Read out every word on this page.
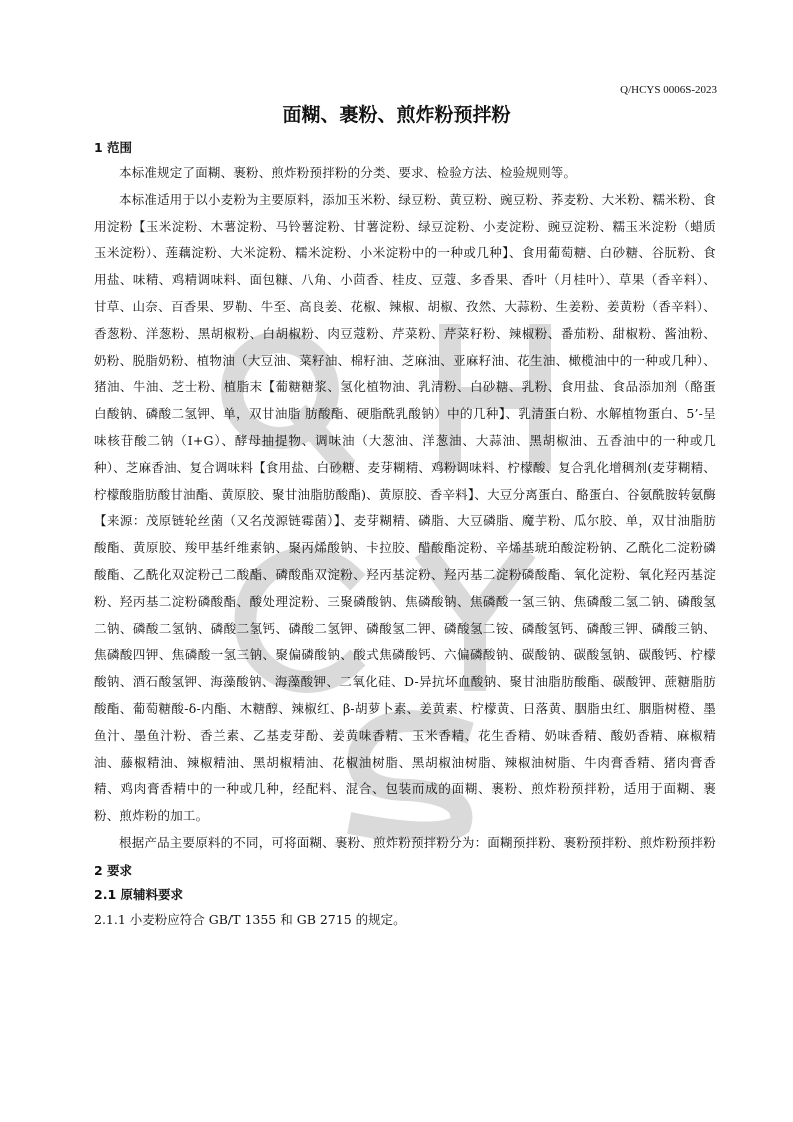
Q/HCYS 0006S-2023
面糊、裹粉、煎炸粉预拌粉
1 范围

本标准规定了面糊、裹粉、煎炸粉预拌粉的分类、要求、检验方法、检验规则等。

本标准适用于以小麦粉为主要原料，添加玉米粉、绿豆粉、黄豆粉、豌豆粉、荞麦粉、大米粉、糯米粉、食用淀粉【玉米淀粉、木薯淀粉、马铃薯淀粉、甘薯淀粉、绿豆淀粉、小麦淀粉、豌豆淀粉、糯玉米淀粉（蜡质玉米淀粉）、莲藕淀粉、大米淀粉、糯米淀粉、小米淀粉中的一种或几种】、食用葡萄糖、白砂糖、谷朊粉、食用盐、味精、鸡精调味料、面包糠、八角、小茴香、桂皮、豆蔻、多香果、香叶（月桂叶）、草果（香辛料）、甘草、山奈、百香果、罗勒、牛至、高良姜、花椒、辣椒、胡椒、孜然、大蒜粉、生姜粉、姜黄粉（香辛料）、香葱粉、洋葱粉、黑胡椒粉、白胡椒粉、肉豆蔻粉、芹菜粉、芹菜籽粉、辣椒粉、番茄粉、甜椒粉、酱油粉、奶粉、脱脂奶粉、植物油（大豆油、菜籽油、棉籽油、芝麻油、亚麻籽油、花生油、橄榄油中的一种或几种）、猪油、牛油、芝士粉、植脂末【葡糖糖浆、氢化植物油、乳清粉、白砂糖、乳粉、食用盐、食品添加剂（酪蛋白酸钠、磷酸二氢钾、单，双甘油脂 肪酸酯、硬脂酰乳酸钠）中的几种】、乳清蛋白粉、水解植物蛋白、5’-呈味核苷酸二钠（I+G）、酵母抽提物、调味油（大葱油、洋葱油、大蒜油、黑胡椒油、五香油中的一种或几种）、芝麻香油、复合调味料【食用盐、白砂糖、麦芽糊精、鸡粉调味料、柠檬酸、复合乳化增稠剂(麦芽糊精、柠檬酸脂肪酸甘油酯、黄原胶、聚甘油脂肪酸酯)、黄原胶、香辛料】、大豆分离蛋白、酪蛋白、谷氨酰胺转氨酶【来源：茂原链轮丝菌（又名茂源链霉菌）】、麦芽糊精、磷脂、大豆磷脂、魔芋粉、瓜尔胶、单，双甘油脂肪酸酯、黄原胶、羧甲基纤维素钠、聚丙烯酸钠、卡拉胶、醋酸酯淀粉、辛烯基琥珀酸淀粉钠、乙酰化二淀粉磷酸酯、乙酰化双淀粉己二酸酯、磷酸酯双淀粉、羟丙基淀粉、羟丙基二淀粉磷酸酯、氧化淀粉、氧化羟丙基淀粉、羟丙基二淀粉磷酸酯、酸处理淀粉、三聚磷酸钠、焦磷酸钠、焦磷酸一氢三钠、焦磷酸二氢二钠、磷酸氢二钠、磷酸二氢钠、磷酸二氢钙、磷酸二氢钾、磷酸氢二钾、磷酸氢二铵、磷酸氢钙、磷酸三钾、磷酸三钠、焦磷酸四钾、焦磷酸一氢三钠、聚偏磷酸钠、酸式焦磷酸钙、六偏磷酸钠、碳酸钠、碳酸氢钠、碳酸钙、柠檬酸钠、酒石酸氢钾、海藻酸钠、海藻酸钾、二氧化硅、D-异抗坏血酸钠、聚甘油脂肪酸酯、碳酸钾、蔗糖脂肪酸酯、葡萄糖酸-δ-内酯、木糖醇、辣椒红、β-胡萝卜素、姜黄素、柠檬黄、日落黄、胭脂虫红、胭脂树橙、墨鱼汁、墨鱼汁粉、香兰素、乙基麦芽酚、姜黄味香精、玉米香精、花生香精、奶味香精、酸奶香精、麻椒精油、藤椒精油、辣椒精油、黑胡椒精油、花椒油树脂、黑胡椒油树脂、辣椒油树脂、牛肉膏香精、猪肉膏香精、鸡肉膏香精中的一种或几种，经配料、混合、包装而成的面糊、裹粉、煎炸粉预拌粉，适用于面糊、裹粉、煎炸粉的加工。

根据产品主要原料的不同，可将面糊、裹粉、煎炸粉预拌粉分为：面糊预拌粉、裹粉预拌粉、煎炸粉预拌粉

2 要求
2.1 原辅料要求

2.1.1 小麦粉应符合 GB/T 1355 和 GB 2715 的规定。
